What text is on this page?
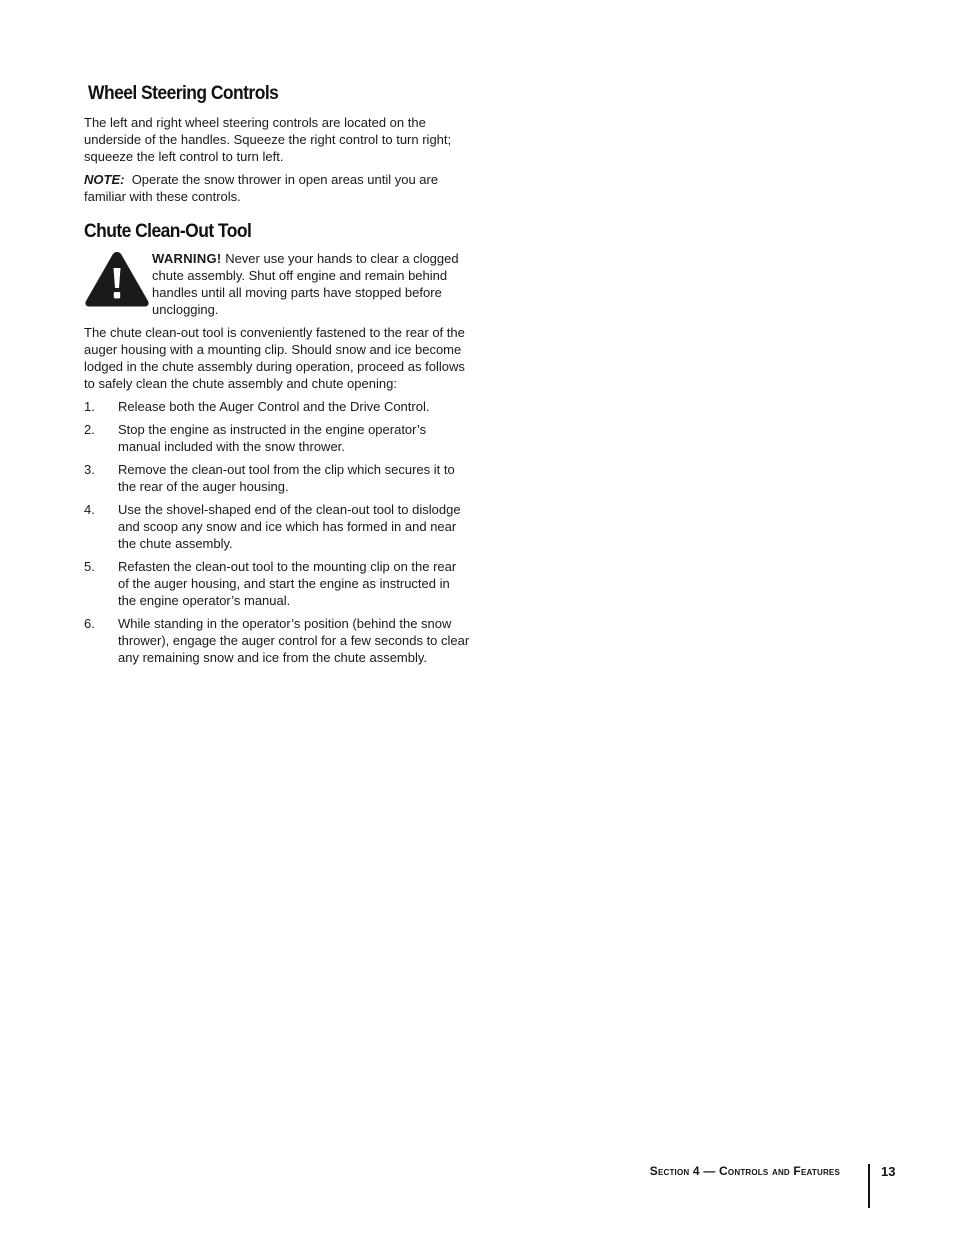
Wheel Steering Controls

The left and right wheel steering controls are located on the underside of the handles. Squeeze the right control to turn right; squeeze the left control to turn left.

NOTE: Operate the snow thrower in open areas until you are familiar with these controls.

Chute Clean-Out Tool
WARNING! Never use your hands to clear a clogged chute assembly. Shut off engine and remain behind handles until all moving parts have stopped before unclogging.

The chute clean-out tool is conveniently fastened to the rear of the auger housing with a mounting clip. Should snow and ice become lodged in the chute assembly during operation, proceed as follows to safely clean the chute assembly and chute opening:

1.	Release both the Auger Control and the Drive Control.
2.	Stop the engine as instructed in the engine operator’s manual included with the snow thrower.
3.	Remove the clean-out tool from the clip which secures it to the rear of the auger housing.
4.	Use the shovel-shaped end of the clean-out tool to dislodge and scoop any snow and ice which has formed in and near the chute assembly.
5.	Refasten the clean-out tool to the mounting clip on the rear of the auger housing, and start the engine as instructed in the engine operator’s manual.
6.	While standing in the operator’s position (behind the snow thrower), engage the auger control for a few seconds to clear any remaining snow and ice from the chute assembly.
Section 4 — Controls and Features	13
